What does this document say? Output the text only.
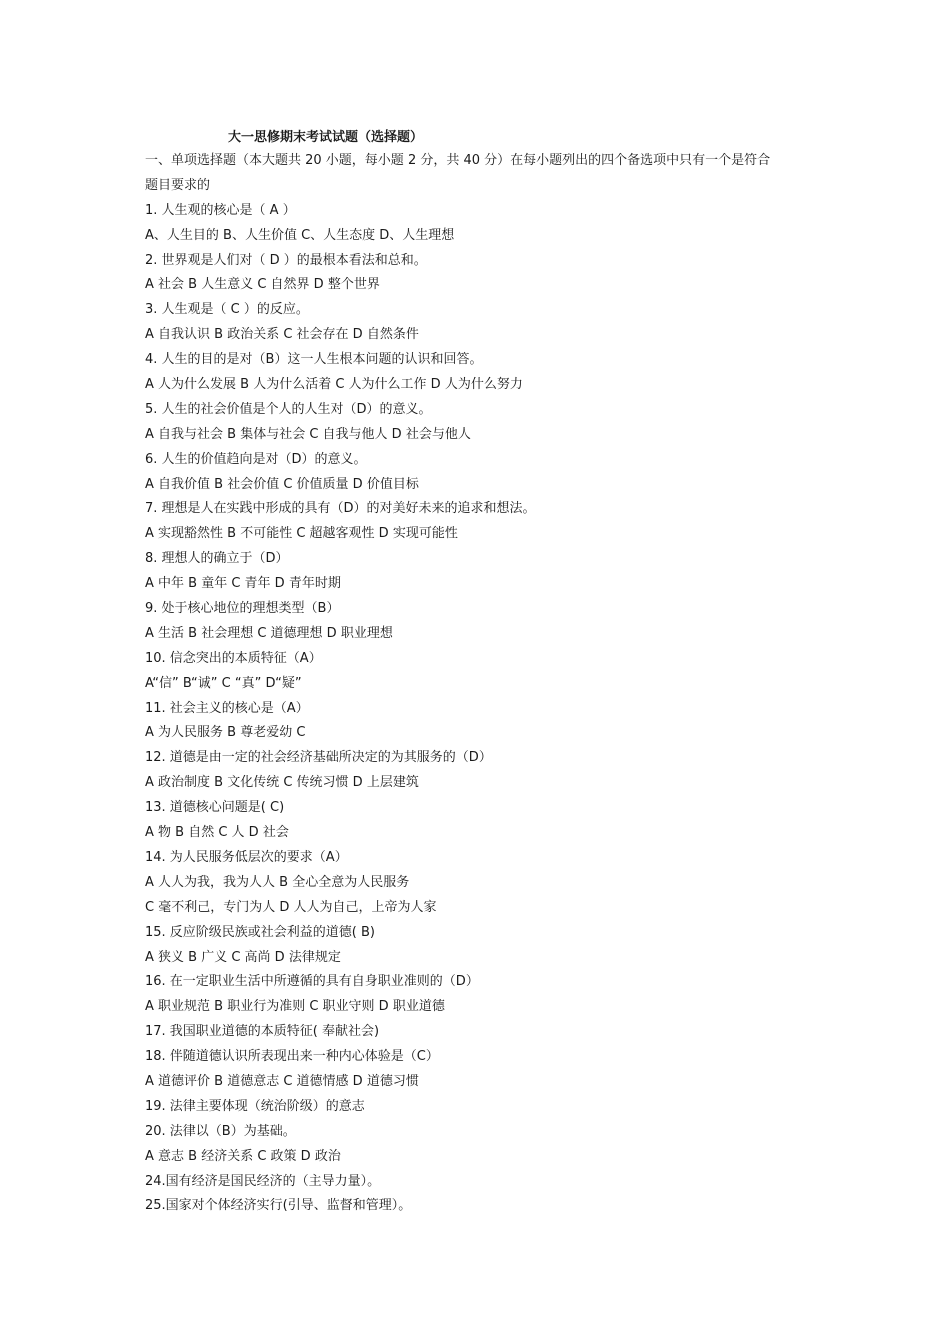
大一思修期末考试试题（选择题）
一、单项选择题（本大题共 20 小题，每小题 2 分，共 40 分）在每小题列出的四个备选项中只有一个是符合
题目要求的
1. 人生观的核心是（ A ）
A、人生目的 B、人生价值 C、人生态度 D、人生理想
2. 世界观是人们对（ D ）的最根本看法和总和。
A 社会 B 人生意义 C 自然界 D 整个世界
3. 人生观是（ C ）的反应。
A 自我认识 B 政治关系 C 社会存在 D 自然条件
4. 人生的目的是对（B）这一人生根本问题的认识和回答。
A 人为什么发展 B 人为什么活着 C 人为什么工作 D 人为什么努力
5. 人生的社会价值是个人的人生对（D）的意义。
A 自我与社会 B 集体与社会 C 自我与他人 D 社会与他人
6. 人生的价值趋向是对（D）的意义。
A 自我价值 B 社会价值 C 价值质量 D 价值目标
7. 理想是人在实践中形成的具有（D）的对美好未来的追求和想法。
A 实现豁然性 B 不可能性 C 超越客观性 D 实现可能性
8. 理想人的确立于（D）
A 中年 B 童年 C 青年 D 青年时期
9. 处于核心地位的理想类型（B）
A 生活 B 社会理想 C 道德理想 D 职业理想
10. 信念突出的本质特征（A）
A“信” B“诚” C “真” D“疑”
11. 社会主义的核心是（A）
A 为人民服务 B 尊老爱幼 C
12. 道德是由一定的社会经济基础所决定的为其服务的（D）
A 政治制度 B 文化传统 C 传统习惯 D 上层建筑
13. 道德核心问题是( C)
A 物 B 自然 C 人 D 社会
14. 为人民服务低层次的要求（A）
A 人人为我，我为人人 B 全心全意为人民服务
C 毫不利己，专门为人 D 人人为自己，上帝为人家
15. 反应阶级民族或社会利益的道德( B)
A 狭义 B 广义 C 高尚 D 法律规定
16. 在一定职业生活中所遵循的具有自身职业准则的（D）
A 职业规范 B 职业行为准则 C 职业守则 D 职业道德
17. 我国职业道德的本质特征( 奉献社会)
18. 伴随道德认识所表现出来一种内心体验是（C）
A 道德评价 B 道德意志 C 道德情感 D 道德习惯
19. 法律主要体现（统治阶级）的意志
20. 法律以（B）为基础。
A 意志 B 经济关系 C 政策 D 政治
24.国有经济是国民经济的（主导力量）。
25.国家对个体经济实行(引导、监督和管理）。
